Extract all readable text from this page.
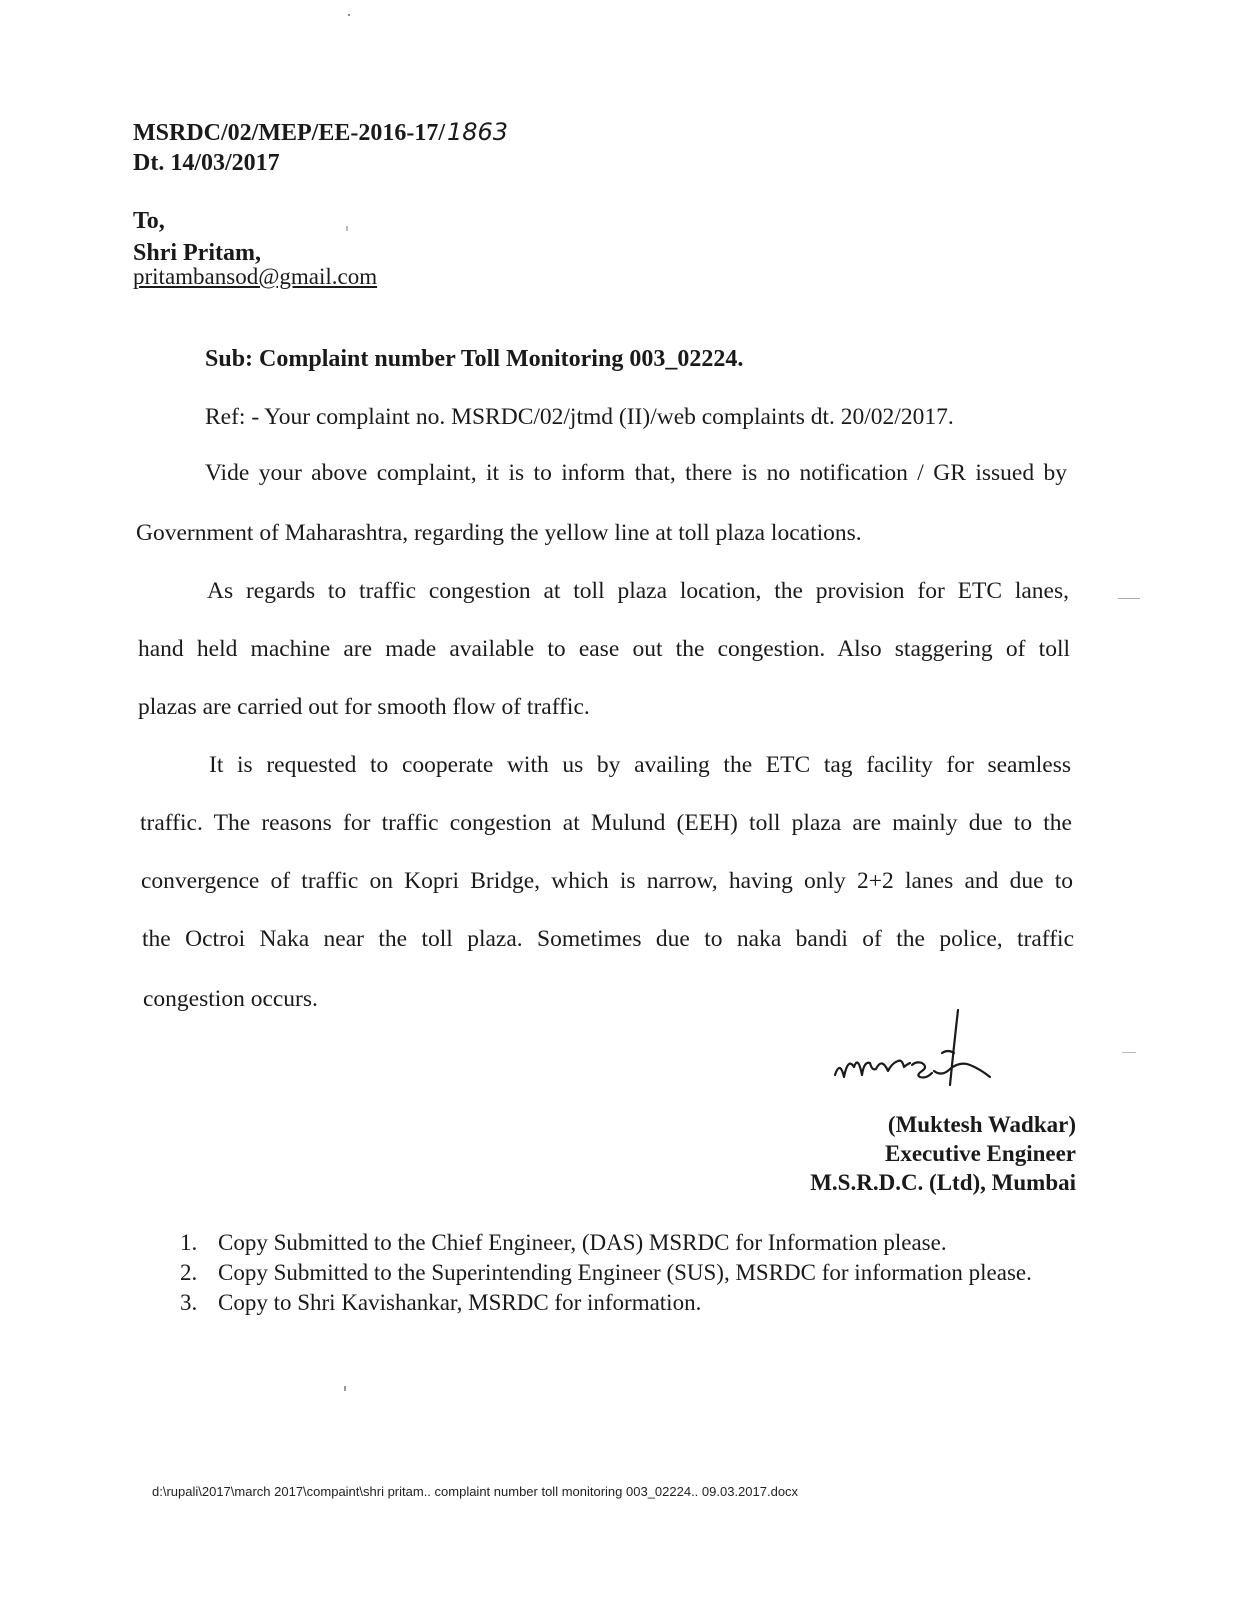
MSRDC/02/MEP/EE-2016-17/1863
Dt. 14/03/2017
To,
Shri Pritam,
pritambansod@gmail.com
Sub: Complaint number Toll Monitoring 003_02224.
Ref: - Your complaint no. MSRDC/02/jtmd (II)/web complaints dt. 20/02/2017.
Vide your above complaint, it is to inform that, there is no notification / GR issued by
Government of Maharashtra, regarding the yellow line at toll plaza locations.
As regards to traffic congestion at toll plaza location, the provision for ETC lanes,
hand held machine are made available to ease out the congestion. Also staggering of toll
plazas are carried out for smooth flow of traffic.
It is requested to cooperate with us by availing the ETC tag facility for seamless
traffic. The reasons for traffic congestion at Mulund (EEH) toll plaza are mainly due to the
convergence of traffic on Kopri Bridge, which is narrow, having only 2+2 lanes and due to
the Octroi Naka near the toll plaza. Sometimes due to naka bandi of the police, traffic
congestion occurs.
(Muktesh Wadkar)
Executive Engineer
M.S.R.D.C. (Ltd), Mumbai
1. Copy Submitted to the Chief Engineer, (DAS) MSRDC for Information please.
2. Copy Submitted to the Superintending Engineer (SUS), MSRDC for information please.
3. Copy to Shri Kavishankar, MSRDC for information.
d:\rupali\2017\march 2017\compaint\shri pritam.. complaint number toll monitoring 003_02224.. 09.03.2017.docx
